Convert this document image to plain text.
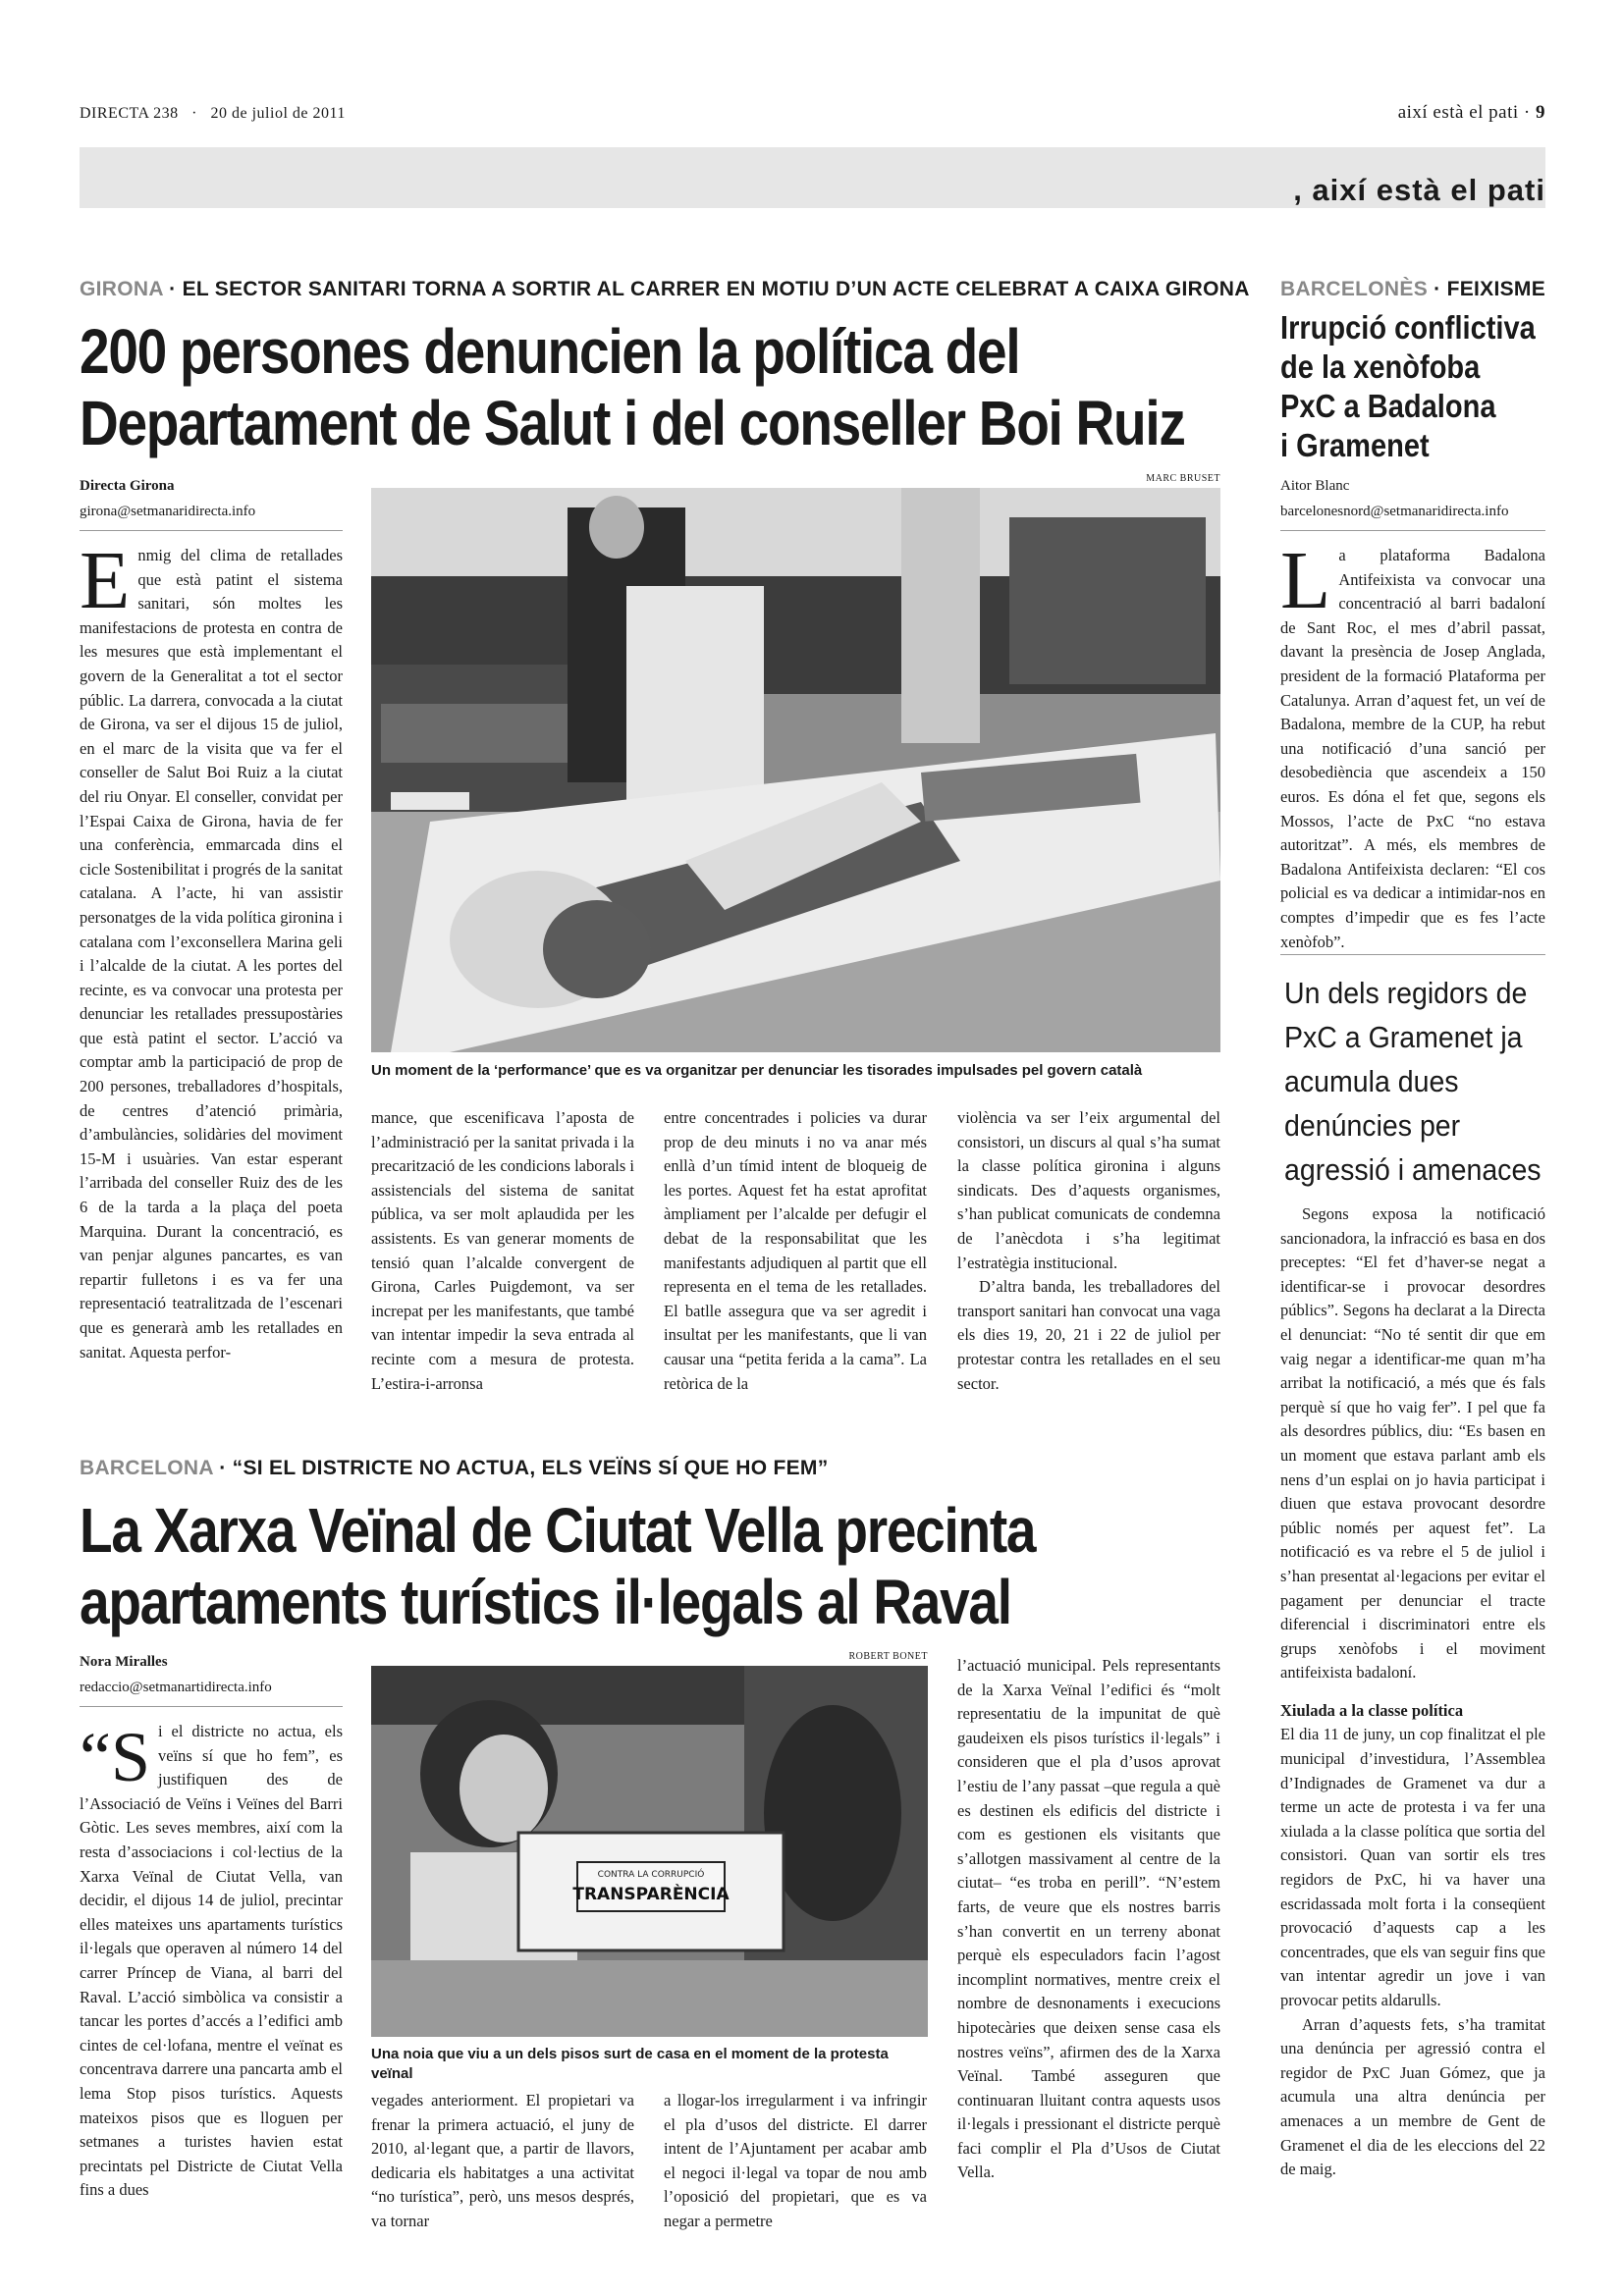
DIRECTA 238 · 20 de juliol de 2011	així està el pati · 9
, així està el pati
GIRONA · EL SECTOR SANITARI TORNA A SORTIR AL CARRER EN MOTIU D’UN ACTE CELEBRAT A CAIXA GIRONA
200 persones denuncien la política del
Departament de Salut i del conseller Boi Ruiz
Directa Girona
girona@setmanaridirecta.info
MARC BRUSET
Un moment de la ‘performance’ que es va organitzar per denunciar les tisorades impulsades pel govern català

Enmig del clima de retallades que està patint el sistema sanitari, són moltes les manifestacions de protesta en contra de les mesures que està implementant el govern de la Generalitat a tot el sector públic. La darrera, convocada a la ciutat de Girona, va ser el dijous 15 de juliol, en el marc de la visita que va fer el conseller de Salut Boi Ruiz a la ciutat del riu Onyar. El conseller, convidat per l’Espai Caixa de Girona, havia de fer una conferència, emmarcada dins el cicle Sostenibilitat i progrés de la sanitat catalana. A l’acte, hi van assistir personatges de la vida política gironina i catalana com l’exconsellera Marina geli i l’alcalde de la ciutat. A les portes del recinte, es va convocar una protesta per denunciar les retallades pressupostàries que està patint el sector. L’acció va comptar amb la participació de prop de 200 persones, treballadores d’hospitals, de centres d’atenció primària, d’ambulàncies, solidàries del moviment 15-M i usuàries. Van estar esperant l’arribada del conseller Ruiz des de les 6 de la tarda a la plaça del poeta Marquina. Durant la concentració, es van penjar algunes pancartes, es van repartir fulletons i es va fer una representació teatralitzada de l’escenari que es generarà amb les retallades en sanitat. Aquesta perfor-

mance, que escenificava l’aposta de l’administració per la sanitat privada i la precarització de les condicions laborals i assistencials del sistema de sanitat pública, va ser molt aplaudida per les assistents. Es van generar moments de tensió quan l’alcalde convergent de Girona, Carles Puigdemont, va ser increpat per les manifestants, que també van intentar impedir la seva entrada al recinte com a mesura de protesta. L’estira-i-arronsa

entre concentrades i policies va durar prop de deu minuts i no va anar més enllà d’un tímid intent de bloqueig de les portes. Aquest fet ha estat aprofitat àmpliament per l’alcalde per defugir el debat de la responsabilitat que les manifestants adjudiquen al partit que ell representa en el tema de les retallades. El batlle assegura que va ser agredit i insultat per les manifestants, que li van causar una “petita ferida a la cama”. La retòrica de la

violència va ser l’eix argumental del consistori, un discurs al qual s’ha sumat la classe política gironina i alguns sindicats. Des d’aquests organismes, s’han publicat comunicats de condemna de l’anècdota i s’ha legitimat l’estratègia institucional.

D’altra banda, les treballadores del transport sanitari han convocat una vaga els dies 19, 20, 21 i 22 de juliol per protestar contra les retallades en el seu sector.

BARCELONA · “SI EL DISTRICTE NO ACTUA, ELS VEÏNS SÍ QUE HO FEM”
La Xarxa Veïnal de Ciutat Vella precinta
apartaments turístics il·legals al Raval
Nora Miralles
redaccio@setmanartidirecta.info
ROBERT BONET
CONTRA LA CORRUPCIÓ
TRANSPARÈNCIA
Una noia que viu a un dels pisos surt de casa en el moment de la protesta veïnal

“Si el districte no actua, els veïns sí que ho fem”, es justifiquen des de l’Associació de Veïns i Veïnes del Barri Gòtic. Les seves membres, així com la resta d’associacions i col·lectius de la Xarxa Veïnal de Ciutat Vella, van decidir, el dijous 14 de juliol, precintar elles mateixes uns apartaments turístics il·legals que operaven al número 14 del carrer Príncep de Viana, al barri del Raval. L’acció simbòlica va consistir a tancar les portes d’accés a l’edifici amb cintes de cel·lofana, mentre el veïnat es concentrava darrere una pancarta amb el lema Stop pisos turístics. Aquests mateixos pisos que es lloguen per setmanes a turistes havien estat precintats pel Districte de Ciutat Vella fins a dues

vegades anteriorment. El propietari va frenar la primera actuació, el juny de 2010, al·legant que, a partir de llavors, dedicaria els habitatges a una activitat “no turística”, però, uns mesos després, va tornar

a llogar-los irregularment i va infringir el pla d’usos del districte. El darrer intent de l’Ajuntament per acabar amb el negoci il·legal va topar de nou amb l’oposició del propietari, que es va negar a permetre

l’actuació municipal. Pels representants de la Xarxa Veïnal l’edifici és “molt representatiu de la impunitat de què gaudeixen els pisos turístics il·legals” i consideren que el pla d’usos aprovat l’estiu de l’any passat –que regula a què es destinen els edificis del districte i com es gestionen els visitants que s’allotgen massivament al centre de la ciutat– “es troba en perill”. “N’estem farts, de veure que els nostres barris s’han convertit en un terreny abonat perquè els especuladors facin l’agost incomplint normatives, mentre creix el nombre de desnonaments i execucions hipotecàries que deixen sense casa els nostres veïns”, afirmen des de la Xarxa Veïnal. També asseguren que continuaran lluitant contra aquests usos il·legals i pressionant el districte perquè faci complir el Pla d’Usos de Ciutat Vella.

BARCELONÈS · FEIXISME
Irrupció conflictiva
de la xenòfoba
PxC a Badalona
i Gramenet
Aitor Blanc
barcelonesnord@setmanaridirecta.info

La plataforma Badalona Antifeixista va convocar una concentració al barri badaloní de Sant Roc, el mes d’abril passat, davant la presència de Josep Anglada, president de la formació Plataforma per Catalunya. Arran d’aquest fet, un veí de Badalona, membre de la CUP, ha rebut una notificació d’una sanció per desobediència que ascendeix a 150 euros. Es dóna el fet que, segons els Mossos, l’acte de PxC “no estava autoritzat”. A més, els membres de Badalona Antifeixista declaren: “El cos policial es va dedicar a intimidar-nos en comptes d’impedir que es fes l’acte xenòfob”.

Un dels regidors de PxC a Gramenet ja acumula dues denúncies per agressió i amenaces

Segons exposa la notificació sancionadora, la infracció es basa en dos preceptes: “El fet d’haver-se negat a identificar-se i provocar desordres públics”. Segons ha declarat a la Directa el denunciat: “No té sentit dir que em vaig negar a identificar-me quan m’ha arribat la notificació, a més que és fals perquè sí que ho vaig fer”. I pel que fa als desordres públics, diu: “Es basen en un moment que estava parlant amb els nens d’un esplai on jo havia participat i diuen que estava provocant desordre públic només per aquest fet”. La notificació es va rebre el 5 de juliol i s’han presentat al·legacions per evitar el pagament per denunciar el tracte diferencial i discriminatori entre els grups xenòfobs i el moviment antifeixista badaloní.

Xiulada a la classe política

El dia 11 de juny, un cop finalitzat el ple municipal d’investidura, l’Assemblea d’Indignades de Gramenet va dur a terme un acte de protesta i va fer una xiulada a la classe política que sortia del consistori. Quan van sortir els tres regidors de PxC, hi va haver una escridassada molt forta i la conseqüent provocació d’aquests cap a les concentrades, que els van seguir fins que van intentar agredir un jove i van provocar petits aldarulls.

Arran d’aquests fets, s’ha tramitat una denúncia per agressió contra el regidor de PxC Juan Gómez, que ja acumula una altra denúncia per amenaces a un membre de Gent de Gramenet el dia de les eleccions del 22 de maig.
